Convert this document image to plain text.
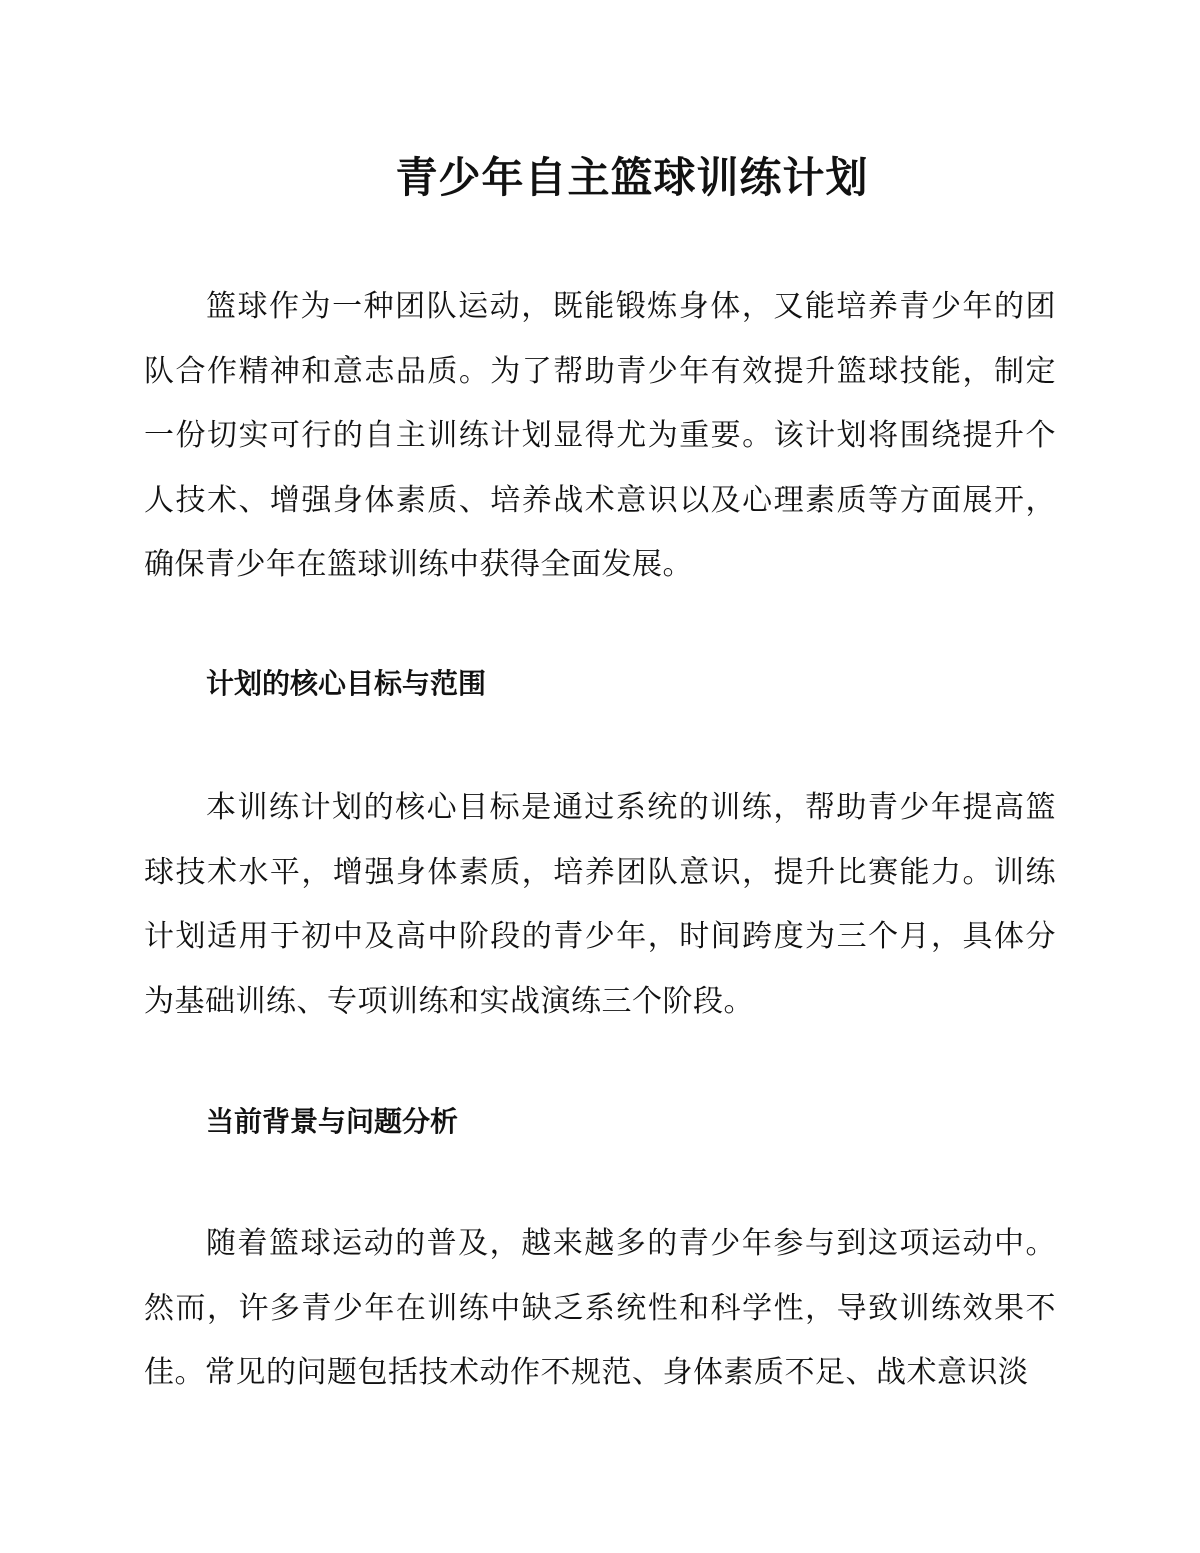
青少年自主篮球训练计划

篮球作为一种团队运动，既能锻炼身体，又能培养青少年的团队合作精神和意志品质。为了帮助青少年有效提升篮球技能，制定一份切实可行的自主训练计划显得尤为重要。该计划将围绕提升个人技术、增强身体素质、培养战术意识以及心理素质等方面展开，确保青少年在篮球训练中获得全面发展。

计划的核心目标与范围

本训练计划的核心目标是通过系统的训练，帮助青少年提高篮球技术水平，增强身体素质，培养团队意识，提升比赛能力。训练计划适用于初中及高中阶段的青少年，时间跨度为三个月，具体分为基础训练、专项训练和实战演练三个阶段。

当前背景与问题分析

随着篮球运动的普及，越来越多的青少年参与到这项运动中。然而，许多青少年在训练中缺乏系统性和科学性，导致训练效果不佳。常见的问题包括技术动作不规范、身体素质不足、战术意识淡
